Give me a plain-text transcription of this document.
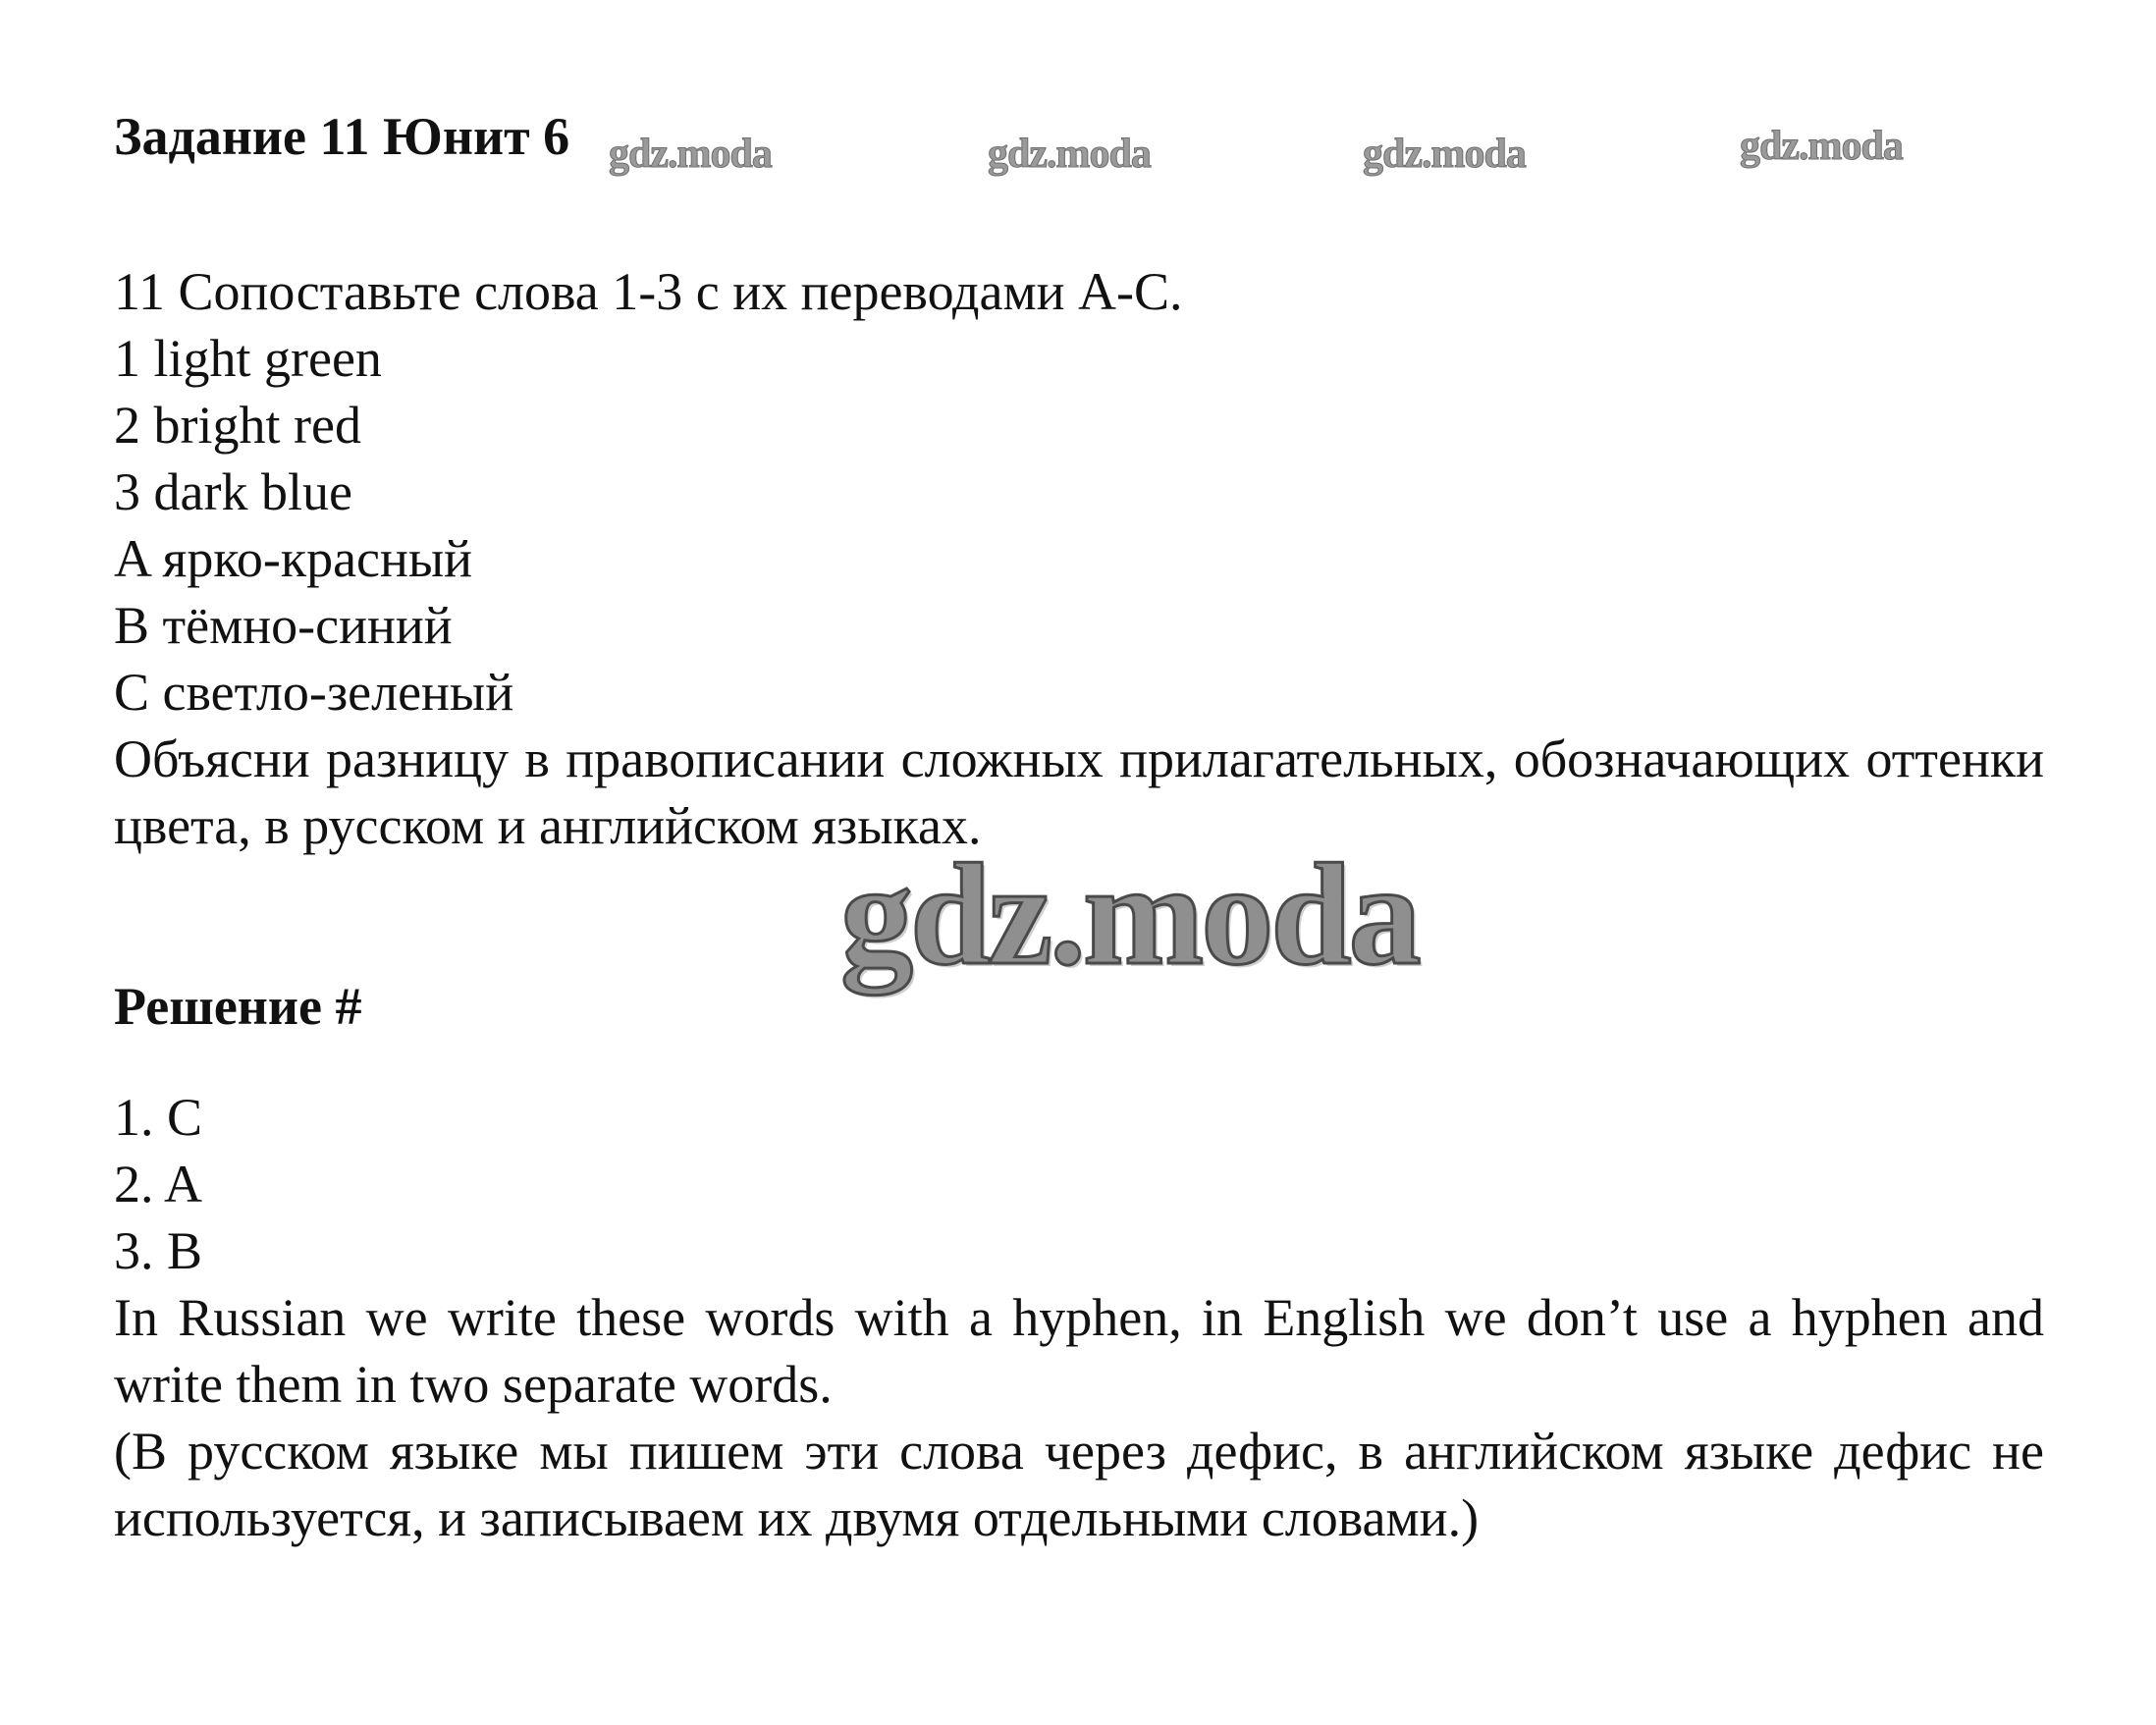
Задание 11 Юнит 6 gdz.moda	gdz.moda	gdz.moda	gdz.moda
11 Сопоставьте слова 1-3 с их переводами A-C.
1 light green
2 bright red
3 dark blue
A ярко-красный
B тёмно-синий
C светло-зеленый
Объясни разницу в правописании сложных прилагательных, обозначающих оттенки цвета, в русском и английском языках.
gdz.moda
Решение #
1. C
2. A
3. B
In Russian we write these words with a hyphen, in English we don’t use a hyphen and write them in two separate words.
(В русском языке мы пишем эти слова через дефис, в английском языке дефис не используется, и записываем их двумя отдельными словами.)
